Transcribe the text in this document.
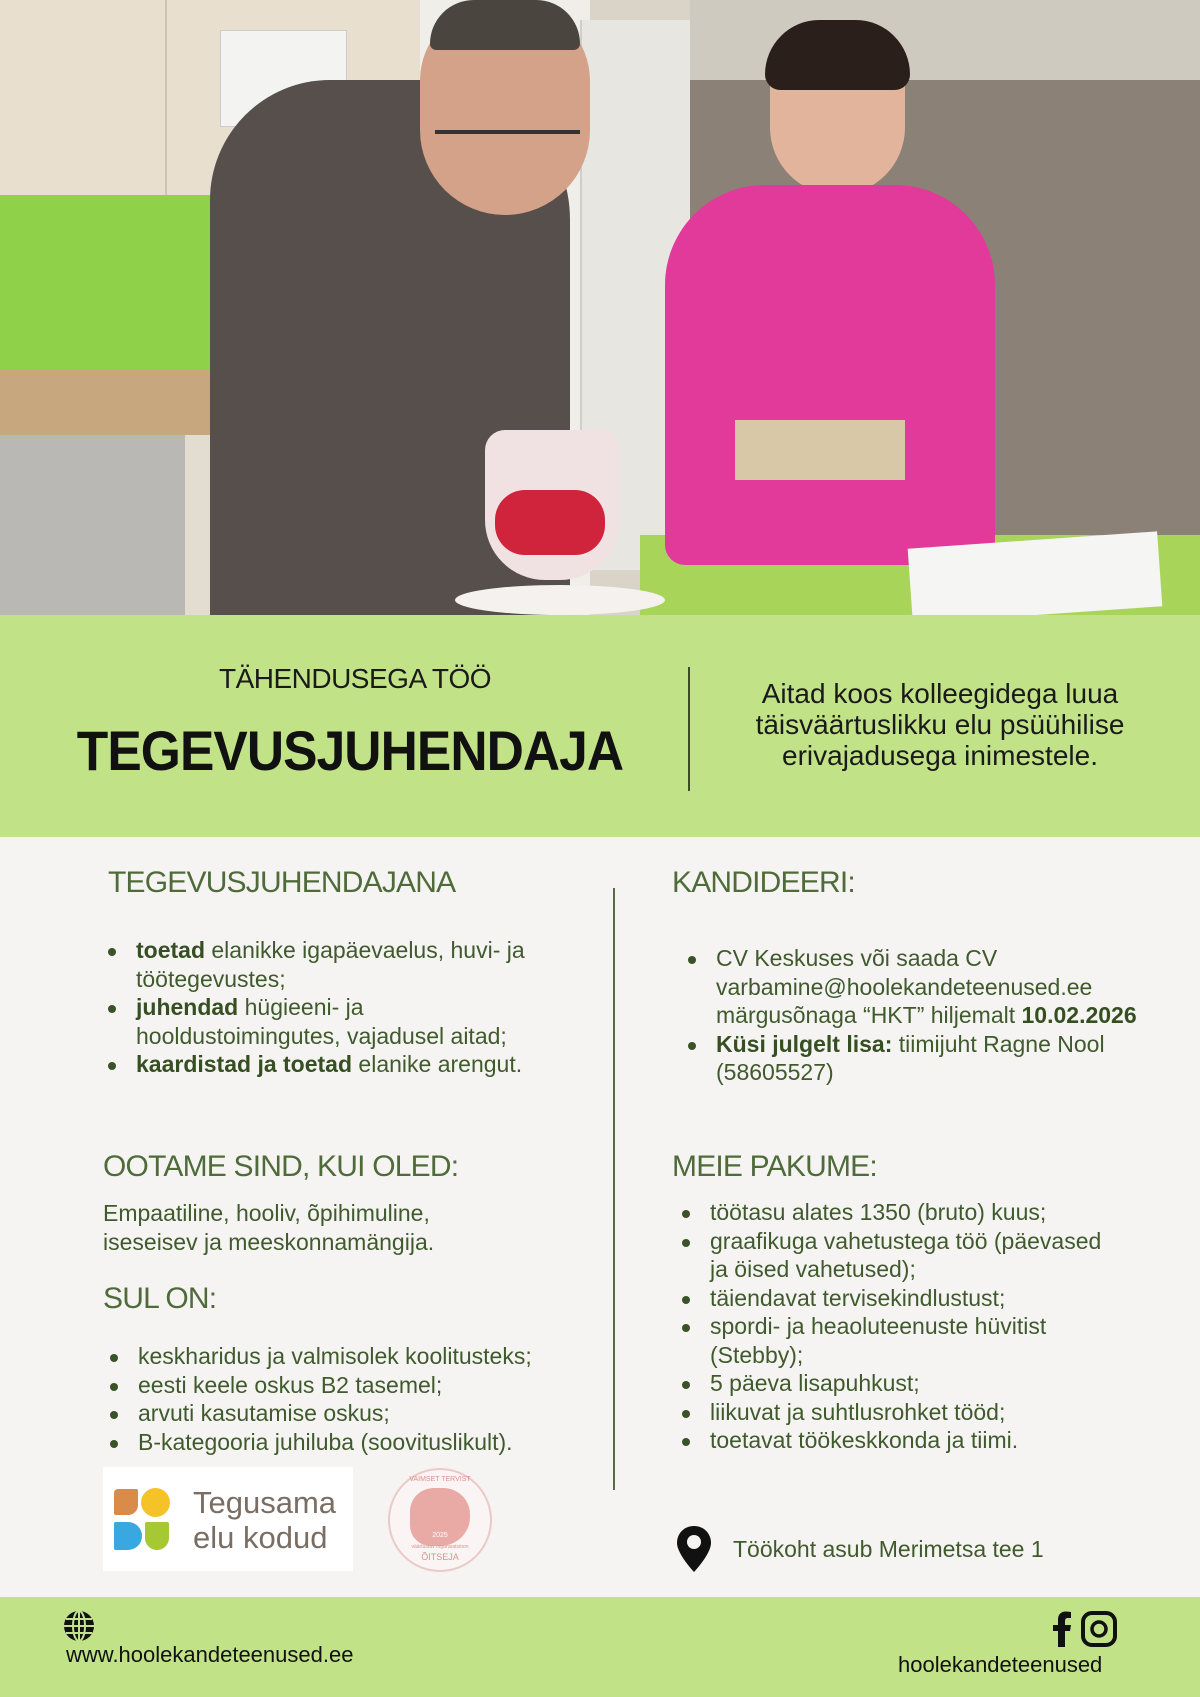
TÄHENDUSEGA TÖÖ
TEGEVUSJUHENDAJA
Aitad koos kolleegidega luua
täisväärtuslikku elu psüühilise
erivajadusega inimestele.
TEGEVUSJUHENDAJANA
toetad elanikke igapäevaelus, huvi- ja töötegevustes;
juhendad hügieeni- ja hooldustoimingutes, vajadusel aitad;
kaardistad ja toetad elanike arengut.
OOTAME SIND, KUI OLED:
Empaatiline, hooliv, õpihimuline, iseseisev ja meeskonnamängija.
SUL ON:
keskharidus ja valmisolek koolitusteks;
eesti keele oskus B2 tasemel;
arvuti kasutamise oskus;
B-kategooria juhiluba (soovituslikult).
Tegusama
elu kodud
VAIMSET TERVIST
2025
väärtustav organisatsioon
ÕITSEJA
KANDIDEERI:
CV Keskuses või saada CV varbamine@hoolekandeteenused.ee märgusõnaga “HKT” hiljemalt 10.02.2026
Küsi julgelt lisa: tiimijuht Ragne Nool (58605527)
MEIE PAKUME:
töötasu alates 1350 (bruto) kuus;
graafikuga vahetustega töö (päevased ja öised vahetused);
täiendavat tervisekindlustust;
spordi- ja heaoluteenuste hüvitist (Stebby);
5 päeva lisapuhkust;
liikuvat ja suhtlusrohket tööd;
toetavat töökeskkonda ja tiimi.
Töökoht asub Merimetsa tee 1
www.hoolekandeteenused.ee	hoolekandeteenused
